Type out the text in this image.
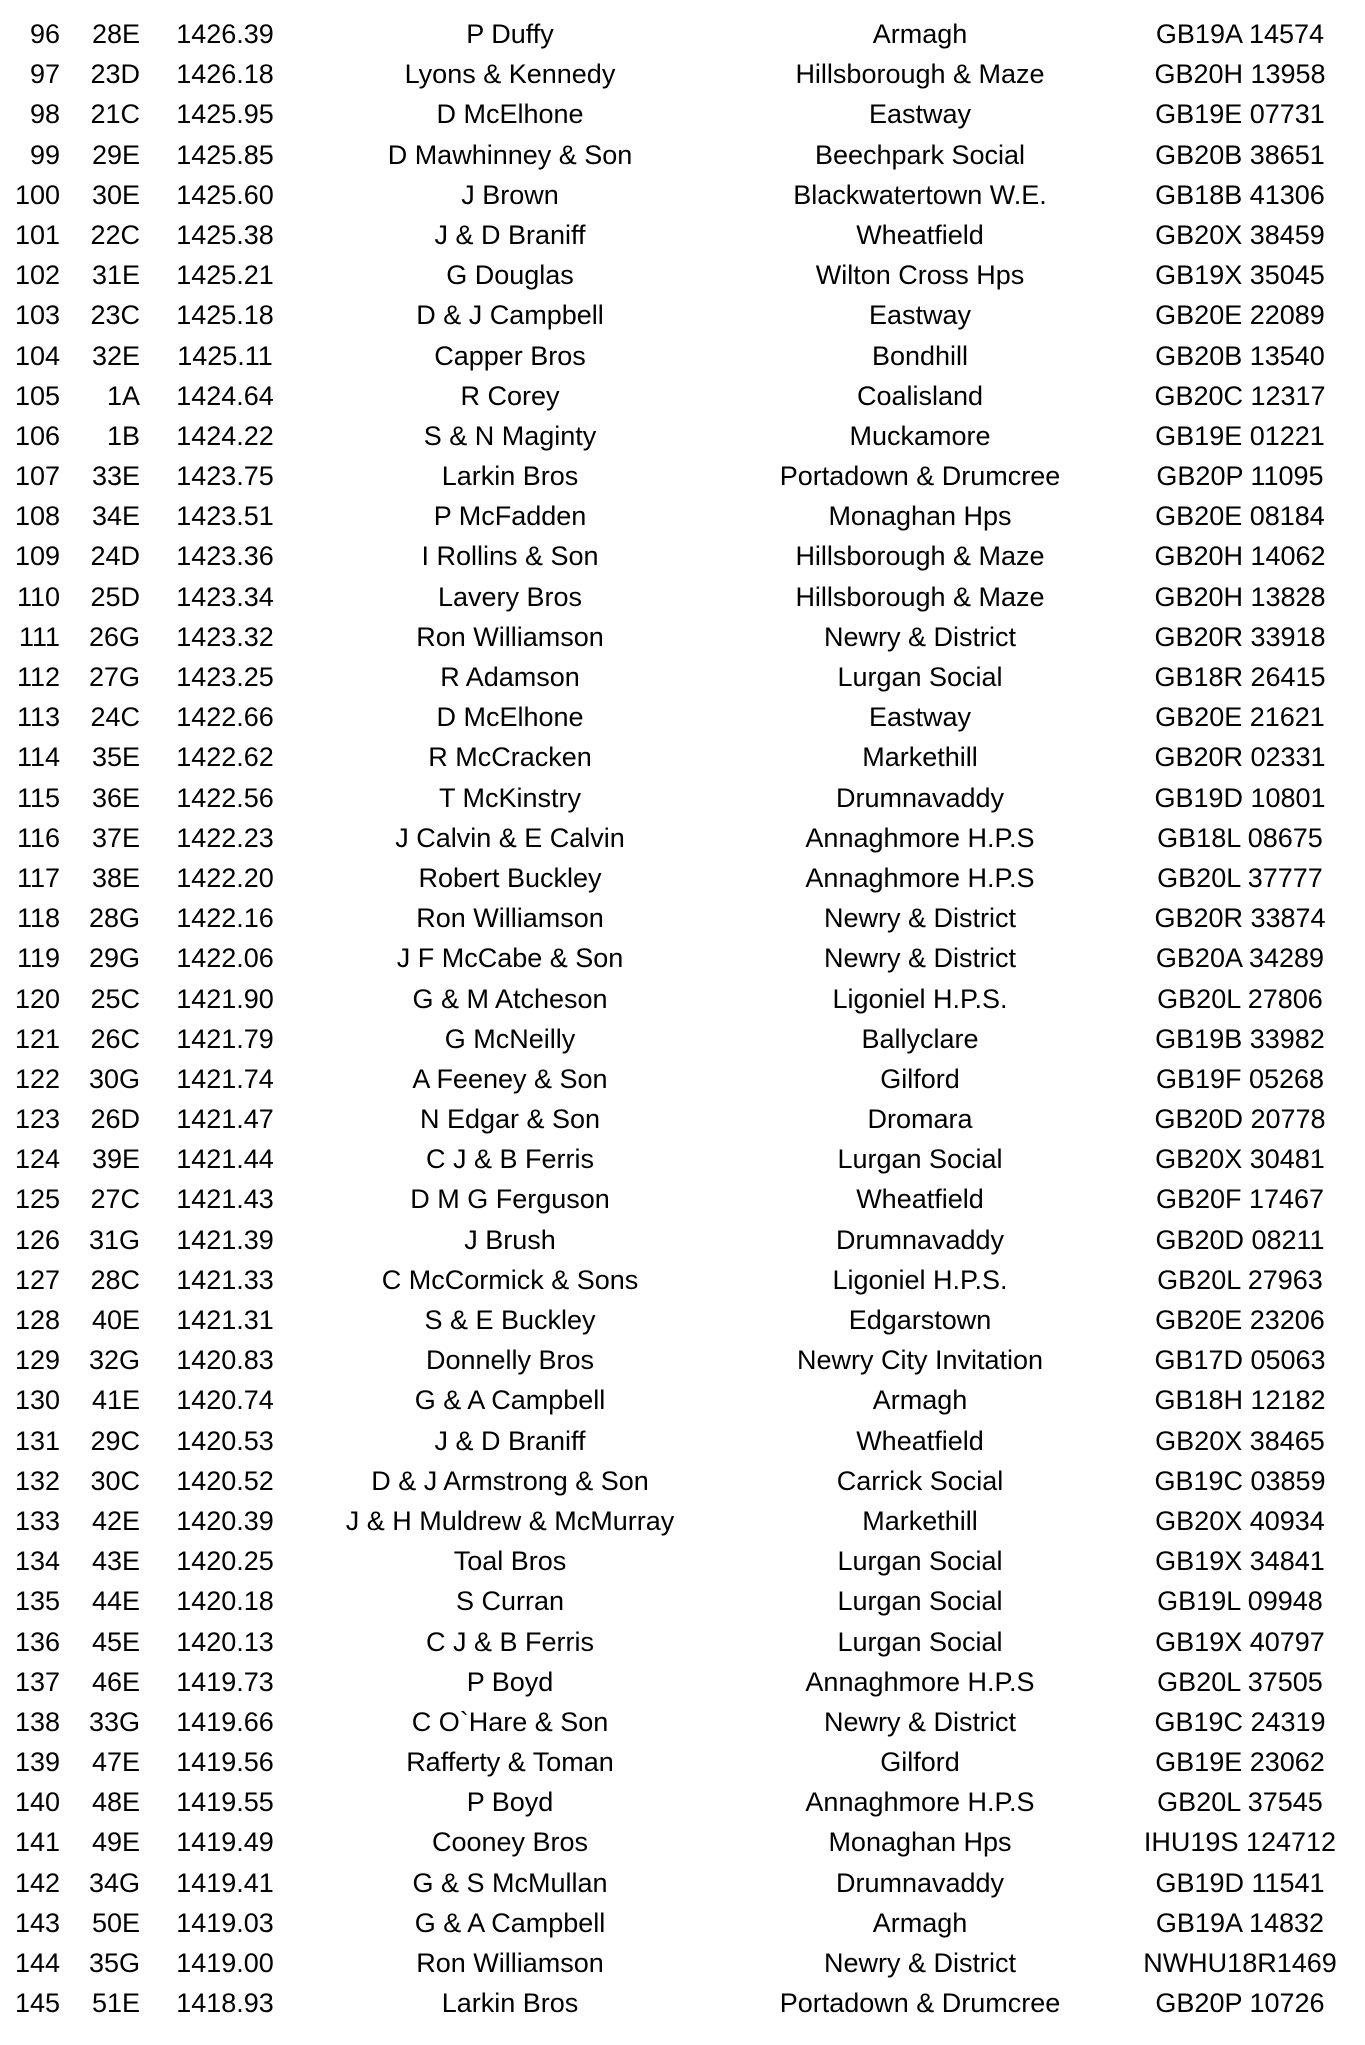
96 28E 1426.39	P Duffy	Armagh	GB19A 14574
97 23D 1426.18	Lyons & Kennedy	Hillsborough & Maze	GB20H 13958
98 21C 1425.95	D McElhone	Eastway	GB19E 07731
99 29E 1425.85	D Mawhinney & Son	Beechpark Social	GB20B 38651
100 30E 1425.60	J Brown	Blackwatertown W.E.	GB18B 41306
101 22C 1425.38	J & D Braniff	Wheatfield	GB20X 38459
102 31E 1425.21	G Douglas	Wilton Cross Hps	GB19X 35045
103 23C 1425.18	D & J Campbell	Eastway	GB20E 22089
104 32E 1425.11	Capper Bros	Bondhill	GB20B 13540
105	1A 1424.64	R Corey	Coalisland	GB20C 12317
106	1B 1424.22	S & N Maginty	Muckamore	GB19E 01221
107 33E 1423.75	Larkin Bros	Portadown & Drumcree	GB20P 11095
108 34E 1423.51	P McFadden	Monaghan Hps	GB20E 08184
109 24D 1423.36	I Rollins & Son	Hillsborough & Maze	GB20H 14062
110 25D 1423.34	Lavery Bros	Hillsborough & Maze	GB20H 13828
111 26G 1423.32	Ron Williamson	Newry & District	GB20R 33918
112 27G 1423.25	R Adamson	Lurgan Social	GB18R 26415
113 24C 1422.66	D McElhone	Eastway	GB20E 21621
114 35E 1422.62	R McCracken	Markethill	GB20R 02331
115 36E 1422.56	T McKinstry	Drumnavaddy	GB19D 10801
116 37E 1422.23	J Calvin & E Calvin	Annaghmore H.P.S	GB18L 08675
117 38E 1422.20	Robert Buckley	Annaghmore H.P.S	GB20L 37777
118 28G 1422.16	Ron Williamson	Newry & District	GB20R 33874
119 29G 1422.06	J F McCabe & Son	Newry & District	GB20A 34289
120 25C 1421.90	G & M Atcheson	Ligoniel H.P.S.	GB20L 27806
121 26C 1421.79	G McNeilly	Ballyclare	GB19B 33982
122 30G 1421.74	A Feeney & Son	Gilford	GB19F 05268
123 26D 1421.47	N Edgar & Son	Dromara	GB20D 20778
124 39E 1421.44	C J & B Ferris	Lurgan Social	GB20X 30481
125 27C 1421.43	D M G Ferguson	Wheatfield	GB20F 17467
126 31G 1421.39	J Brush	Drumnavaddy	GB20D 08211
127 28C 1421.33	C McCormick & Sons	Ligoniel H.P.S.	GB20L 27963
128 40E 1421.31	S & E Buckley	Edgarstown	GB20E 23206
129 32G 1420.83	Donnelly Bros	Newry City Invitation	GB17D 05063
130 41E 1420.74	G & A Campbell	Armagh	GB18H 12182
131 29C 1420.53	J & D Braniff	Wheatfield	GB20X 38465
132 30C 1420.52	D & J Armstrong & Son	Carrick Social	GB19C 03859
133 42E 1420.39	J & H Muldrew & McMurray	Markethill	GB20X 40934
134 43E 1420.25	Toal Bros	Lurgan Social	GB19X 34841
135 44E 1420.18	S Curran	Lurgan Social	GB19L 09948
136 45E 1420.13	C J & B Ferris	Lurgan Social	GB19X 40797
137 46E 1419.73	P Boyd	Annaghmore H.P.S	GB20L 37505
138 33G 1419.66	C O`Hare & Son	Newry & District	GB19C 24319
139 47E 1419.56	Rafferty & Toman	Gilford	GB19E 23062
140 48E 1419.55	P Boyd	Annaghmore H.P.S	GB20L 37545
141 49E 1419.49	Cooney Bros	Monaghan Hps	IHU19S 124712
142 34G 1419.41	G & S McMullan	Drumnavaddy	GB19D 11541
143 50E 1419.03	G & A Campbell	Armagh	GB19A 14832
144 35G 1419.00	Ron Williamson	Newry & District	NWHU18R1469
145 51E 1418.93	Larkin Bros	Portadown & Drumcree	GB20P 10726
